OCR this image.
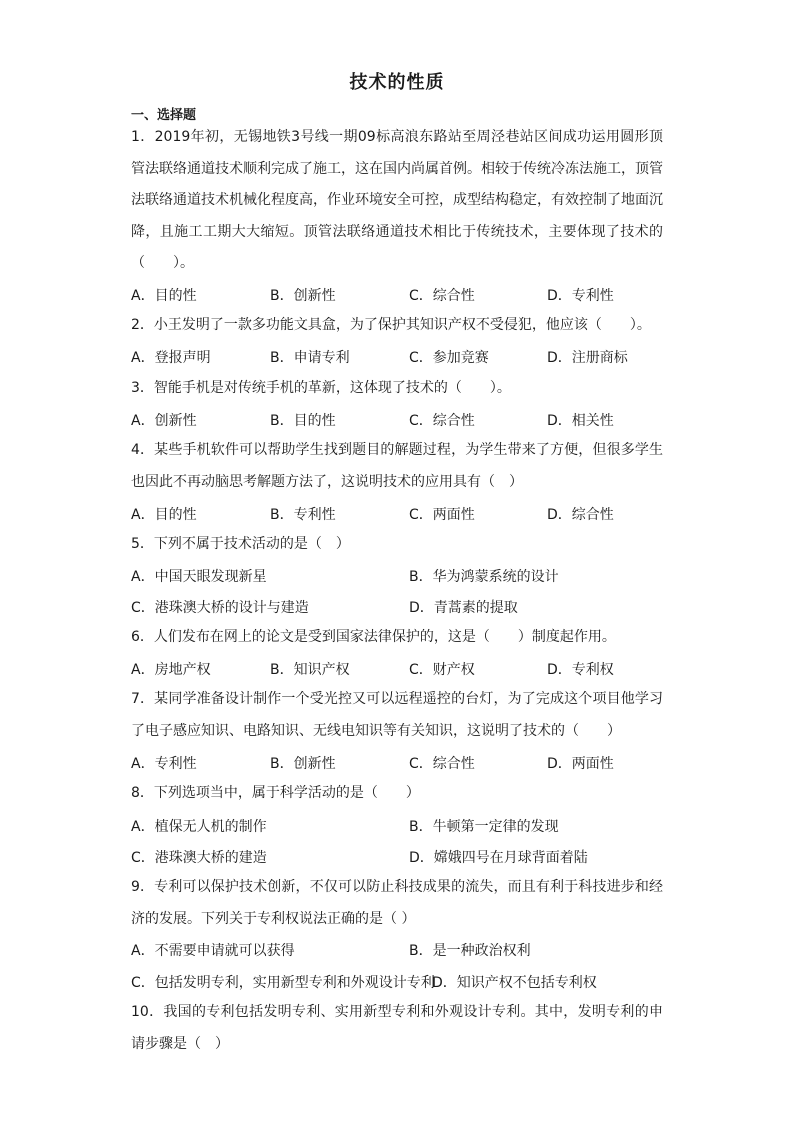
技术的性质
一、选择题
1．2019年初，无锡地铁3号线一期09标高浪东路站至周泾巷站区间成功运用圆形顶管法联络通道技术顺利完成了施工，这在国内尚属首例。相较于传统冷冻法施工，顶管法联络通道技术机械化程度高，作业环境安全可控，成型结构稳定，有效控制了地面沉降，且施工工期大大缩短。顶管法联络通道技术相比于传统技术，主要体现了技术的（　　）。
A．目的性	B．创新性	C．综合性	D．专利性
2．小王发明了一款多功能文具盒，为了保护其知识产权不受侵犯，他应该（　　）。
A．登报声明	B．申请专利	C．参加竞赛	D．注册商标
3．智能手机是对传统手机的革新，这体现了技术的（　　）。
A．创新性	B．目的性	C．综合性	D．相关性
4．某些手机软件可以帮助学生找到题目的解题过程，为学生带来了方便，但很多学生也因此不再动脑思考解题方法了，这说明技术的应用具有（　）
A．目的性	B．专利性	C．两面性	D．综合性
5．下列不属于技术活动的是（　）
A．中国天眼发现新星	B．华为鸿蒙系统的设计
C．港珠澳大桥的设计与建造	D．青蒿素的提取
6．人们发布在网上的论文是受到国家法律保护的，这是（　　）制度起作用。
A．房地产权	B．知识产权	C．财产权	D．专利权
7．某同学准备设计制作一个受光控又可以远程遥控的台灯，为了完成这个项目他学习了电子感应知识、电路知识、无线电知识等有关知识，这说明了技术的（　　）
A．专利性	B．创新性	C．综合性	D．两面性
8．下列选项当中，属于科学活动的是（　　）
A．植保无人机的制作	B．牛顿第一定律的发现
C．港珠澳大桥的建造	D．嫦娥四号在月球背面着陆
9．专利可以保护技术创新，不仅可以防止科技成果的流失，而且有利于科技进步和经济的发展。下列关于专利权说法正确的是（ ）
A．不需要申请就可以获得	B．是一种政治权利
C．包括发明专利，实用新型专利和外观设计专利
D．知识产权不包括专利权
10．我国的专利包括发明专利、实用新型专利和外观设计专利。其中，发明专利的申请步骤是（　）
